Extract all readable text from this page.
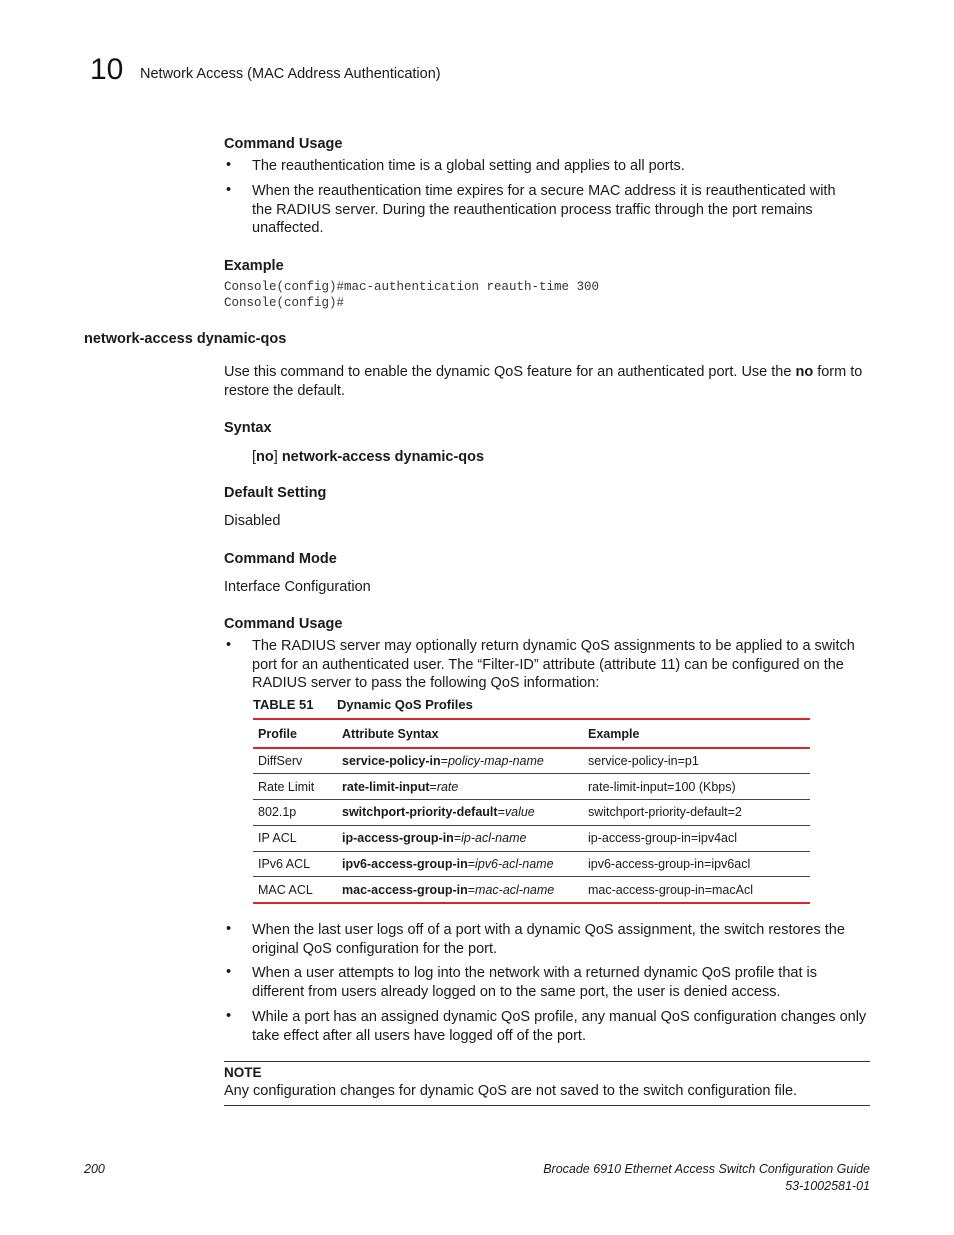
10 Network Access (MAC Address Authentication)
Command Usage
• The reauthentication time is a global setting and applies to all ports.
• When the reauthentication time expires for a secure MAC address it is reauthenticated with the RADIUS server. During the reauthentication process traffic through the port remains unaffected.
Example
Console(config)#mac-authentication reauth-time 300
Console(config)#
network-access dynamic-qos
Use this command to enable the dynamic QoS feature for an authenticated port. Use the no form to restore the default.
Syntax
[no] network-access dynamic-qos
Default Setting
Disabled
Command Mode
Interface Configuration
Command Usage
• The RADIUS server may optionally return dynamic QoS assignments to be applied to a switch port for an authenticated user. The “Filter-ID” attribute (attribute 11) can be configured on the RADIUS server to pass the following QoS information:
TABLE 51 Dynamic QoS Profiles
Profile	Attribute Syntax	Example
DiffServ	service-policy-in=policy-map-name	service-policy-in=p1
Rate Limit	rate-limit-input=rate	rate-limit-input=100 (Kbps)
802.1p	switchport-priority-default=value	switchport-priority-default=2
IP ACL	ip-access-group-in=ip-acl-name	ip-access-group-in=ipv4acl
IPv6 ACL	ipv6-access-group-in=ipv6-acl-name	ipv6-access-group-in=ipv6acl
MAC ACL	mac-access-group-in=mac-acl-name	mac-access-group-in=macAcl
• When the last user logs off of a port with a dynamic QoS assignment, the switch restores the original QoS configuration for the port.
• When a user attempts to log into the network with a returned dynamic QoS profile that is different from users already logged on to the same port, the user is denied access.
• While a port has an assigned dynamic QoS profile, any manual QoS configuration changes only take effect after all users have logged off of the port.
NOTE
Any configuration changes for dynamic QoS are not saved to the switch configuration file.
200	Brocade 6910 Ethernet Access Switch Configuration Guide
53-1002581-01
